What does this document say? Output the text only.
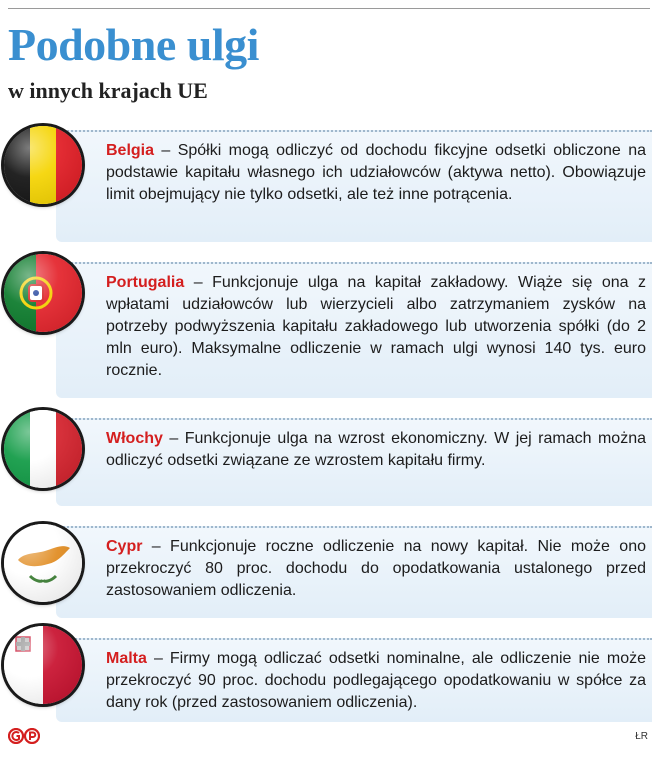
Podobne ulgi
w innych krajach UE

Belgia – Spółki mogą odliczyć od dochodu fikcyjne odsetki obliczone na podstawie kapitału własnego ich udziałowców (aktywa netto). Obowiązuje limit obejmujący nie tylko odsetki, ale też inne potrącenia.

Portugalia – Funkcjonuje ulga na kapitał zakładowy. Wiąże się ona z wpłatami udziałowców lub wierzycieli albo zatrzymaniem zysków na potrzeby podwyższenia kapitału zakładowego lub utworzenia spółki (do 2 mln euro). Maksymalne odliczenie w ramach ulgi wynosi 140 tys. euro rocznie.

Włochy – Funkcjonuje ulga na wzrost ekonomiczny. W jej ramach można odliczyć odsetki związane ze wzrostem kapitału firmy.

Cypr – Funkcjonuje roczne odliczenie na nowy kapitał. Nie może ono przekroczyć 80 proc. dochodu do opodatkowania ustalonego przed zastosowaniem odliczenia.

Malta – Firmy mogą odliczać odsetki nominalne, ale odliczenie nie może przekroczyć 90 proc. dochodu podlegającego opodatkowaniu w spółce za dany rok (przed zastosowaniem odliczenia).

ŁR
